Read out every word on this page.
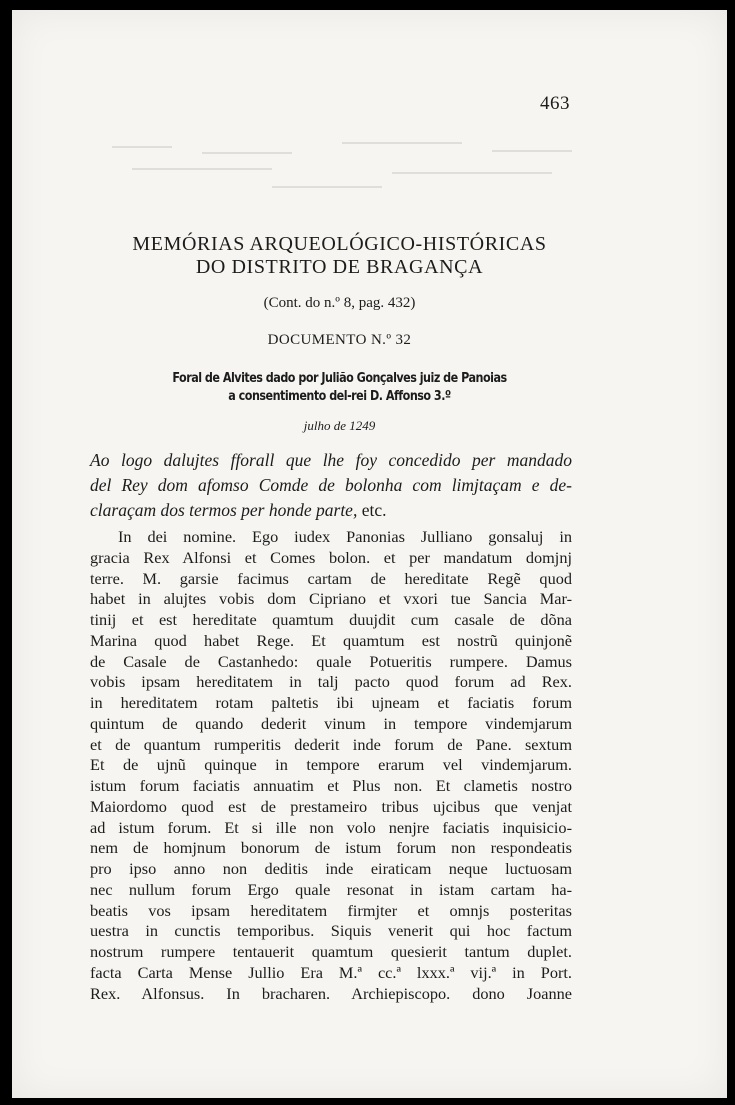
463
MEMÓRIAS ARQUEOLÓGICO-HISTÓRICAS
DO DISTRITO DE BRAGANÇA
(Cont. do n.º 8, pag. 432)
DOCUMENTO N.º 32
Foral de Alvites dado por Julião Gonçalves juiz de Panoias
a consentimento del-rei D. Affonso 3.º
julho de 1249
Ao logo dalujtes fforall que lhe foy concedido per mandado
del Rey dom afomso Comde de bolonha com limjtaçam e de-
claraçam dos termos per honde parte, etc.
In dei nomine. Ego iudex Panonias Julliano gonsaluj in
gracia Rex Alfonsi et Comes bolon. et per mandatum domjnj
terre. M. garsie facimus cartam de hereditate Regẽ quod
habet in alujtes vobis dom Cipriano et vxori tue Sancia Mar-
tinij et est hereditate quamtum duujdit cum casale de dõna
Marina quod habet Rege. Et quamtum est nostrũ quinjonẽ
de Casale de Castanhedo: quale Potueritis rumpere. Damus
vobis ipsam hereditatem in talj pacto quod forum ad Rex.
in hereditatem rotam paltetis ibi ujneam et faciatis forum
quintum de quando dederit vinum in tempore vindemjarum
et de quantum rumperitis dederit inde forum de Pane. sextum
Et de ujnũ quinque in tempore erarum vel vindemjarum.
istum forum faciatis annuatim et Plus non. Et clametis nostro
Maiordomo quod est de prestameiro tribus ujcibus que venjat
ad istum forum. Et si ille non volo nenjre faciatis inquisicio-
nem de homjnum bonorum de istum forum non respondeatis
pro ipso anno non deditis inde eiraticam neque luctuosam
nec nullum forum Ergo quale resonat in istam cartam ha-
beatis vos ipsam hereditatem firmjter et omnjs posteritas
uestra in cunctis temporibus. Siquis venerit qui hoc factum
nostrum rumpere tentauerit quamtum quesierit tantum duplet.
facta Carta Mense Jullio Era M.ª cc.ª lxxx.ª vij.ª in Port.
Rex. Alfonsus. In bracharen. Archiepiscopo. dono Joanne
